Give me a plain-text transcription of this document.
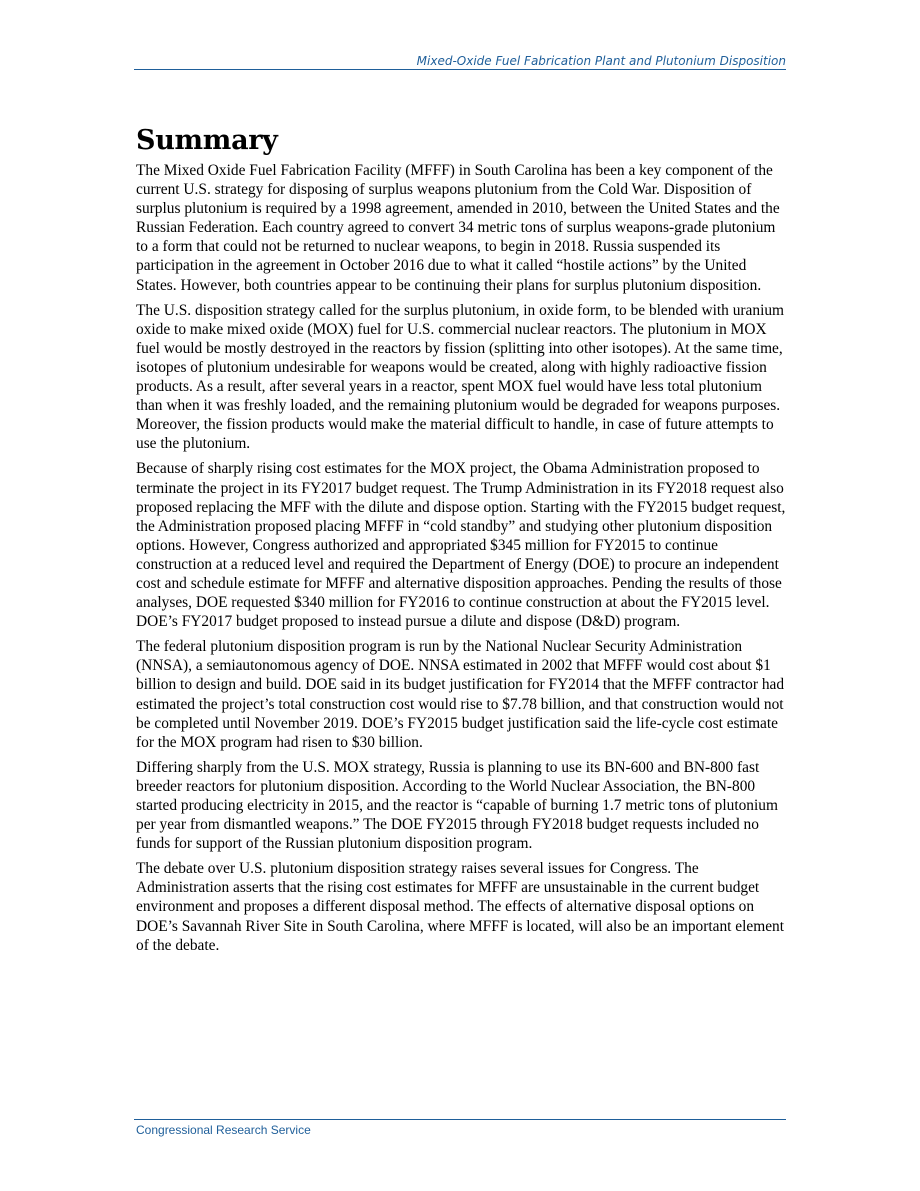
Mixed-Oxide Fuel Fabrication Plant and Plutonium Disposition
Summary

The Mixed Oxide Fuel Fabrication Facility (MFFF) in South Carolina has been a key component of the current U.S. strategy for disposing of surplus weapons plutonium from the Cold War. Disposition of surplus plutonium is required by a 1998 agreement, amended in 2010, between the United States and the Russian Federation. Each country agreed to convert 34 metric tons of surplus weapons-grade plutonium to a form that could not be returned to nuclear weapons, to begin in 2018. Russia suspended its participation in the agreement in October 2016 due to what it called “hostile actions” by the United States. However, both countries appear to be continuing their plans for surplus plutonium disposition.

The U.S. disposition strategy called for the surplus plutonium, in oxide form, to be blended with uranium oxide to make mixed oxide (MOX) fuel for U.S. commercial nuclear reactors. The plutonium in MOX fuel would be mostly destroyed in the reactors by fission (splitting into other isotopes). At the same time, isotopes of plutonium undesirable for weapons would be created, along with highly radioactive fission products. As a result, after several years in a reactor, spent MOX fuel would have less total plutonium than when it was freshly loaded, and the remaining plutonium would be degraded for weapons purposes. Moreover, the fission products would make the material difficult to handle, in case of future attempts to use the plutonium.

Because of sharply rising cost estimates for the MOX project, the Obama Administration proposed to terminate the project in its FY2017 budget request. The Trump Administration in its FY2018 request also proposed replacing the MFF with the dilute and dispose option. Starting with the FY2015 budget request, the Administration proposed placing MFFF in “cold standby” and studying other plutonium disposition options. However, Congress authorized and appropriated $345 million for FY2015 to continue construction at a reduced level and required the Department of Energy (DOE) to procure an independent cost and schedule estimate for MFFF and alternative disposition approaches. Pending the results of those analyses, DOE requested $340 million for FY2016 to continue construction at about the FY2015 level. DOE’s FY2017 budget proposed to instead pursue a dilute and dispose (D&D) program.

The federal plutonium disposition program is run by the National Nuclear Security Administration (NNSA), a semiautonomous agency of DOE. NNSA estimated in 2002 that MFFF would cost about $1 billion to design and build. DOE said in its budget justification for FY2014 that the MFFF contractor had estimated the project’s total construction cost would rise to $7.78 billion, and that construction would not be completed until November 2019. DOE’s FY2015 budget justification said the life-cycle cost estimate for the MOX program had risen to $30 billion.

Differing sharply from the U.S. MOX strategy, Russia is planning to use its BN-600 and BN-800 fast breeder reactors for plutonium disposition. According to the World Nuclear Association, the BN-800 started producing electricity in 2015, and the reactor is “capable of burning 1.7 metric tons of plutonium per year from dismantled weapons.” The DOE FY2015 through FY2018 budget requests included no funds for support of the Russian plutonium disposition program.

The debate over U.S. plutonium disposition strategy raises several issues for Congress. The Administration asserts that the rising cost estimates for MFFF are unsustainable in the current budget environment and proposes a different disposal method. The effects of alternative disposal options on DOE’s Savannah River Site in South Carolina, where MFFF is located, will also be an important element of the debate.

Congressional Research Service
